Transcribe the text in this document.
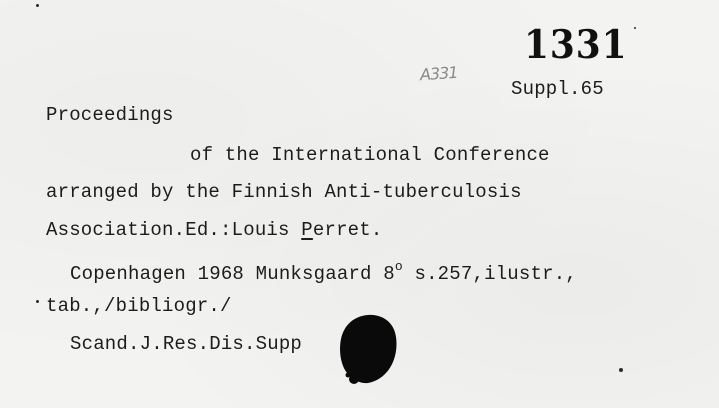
1331
A331
Suppl.65
Proceedings
of the International Conference
arranged by the Finnish Anti-tuberculosis
Association.Ed.:Louis Perret.
Copenhagen 1968 Munksgaard 8$^o$ s.257,ilustr.,
tab.,/bibliogr./
Scand.J.Res.Dis.Supp
